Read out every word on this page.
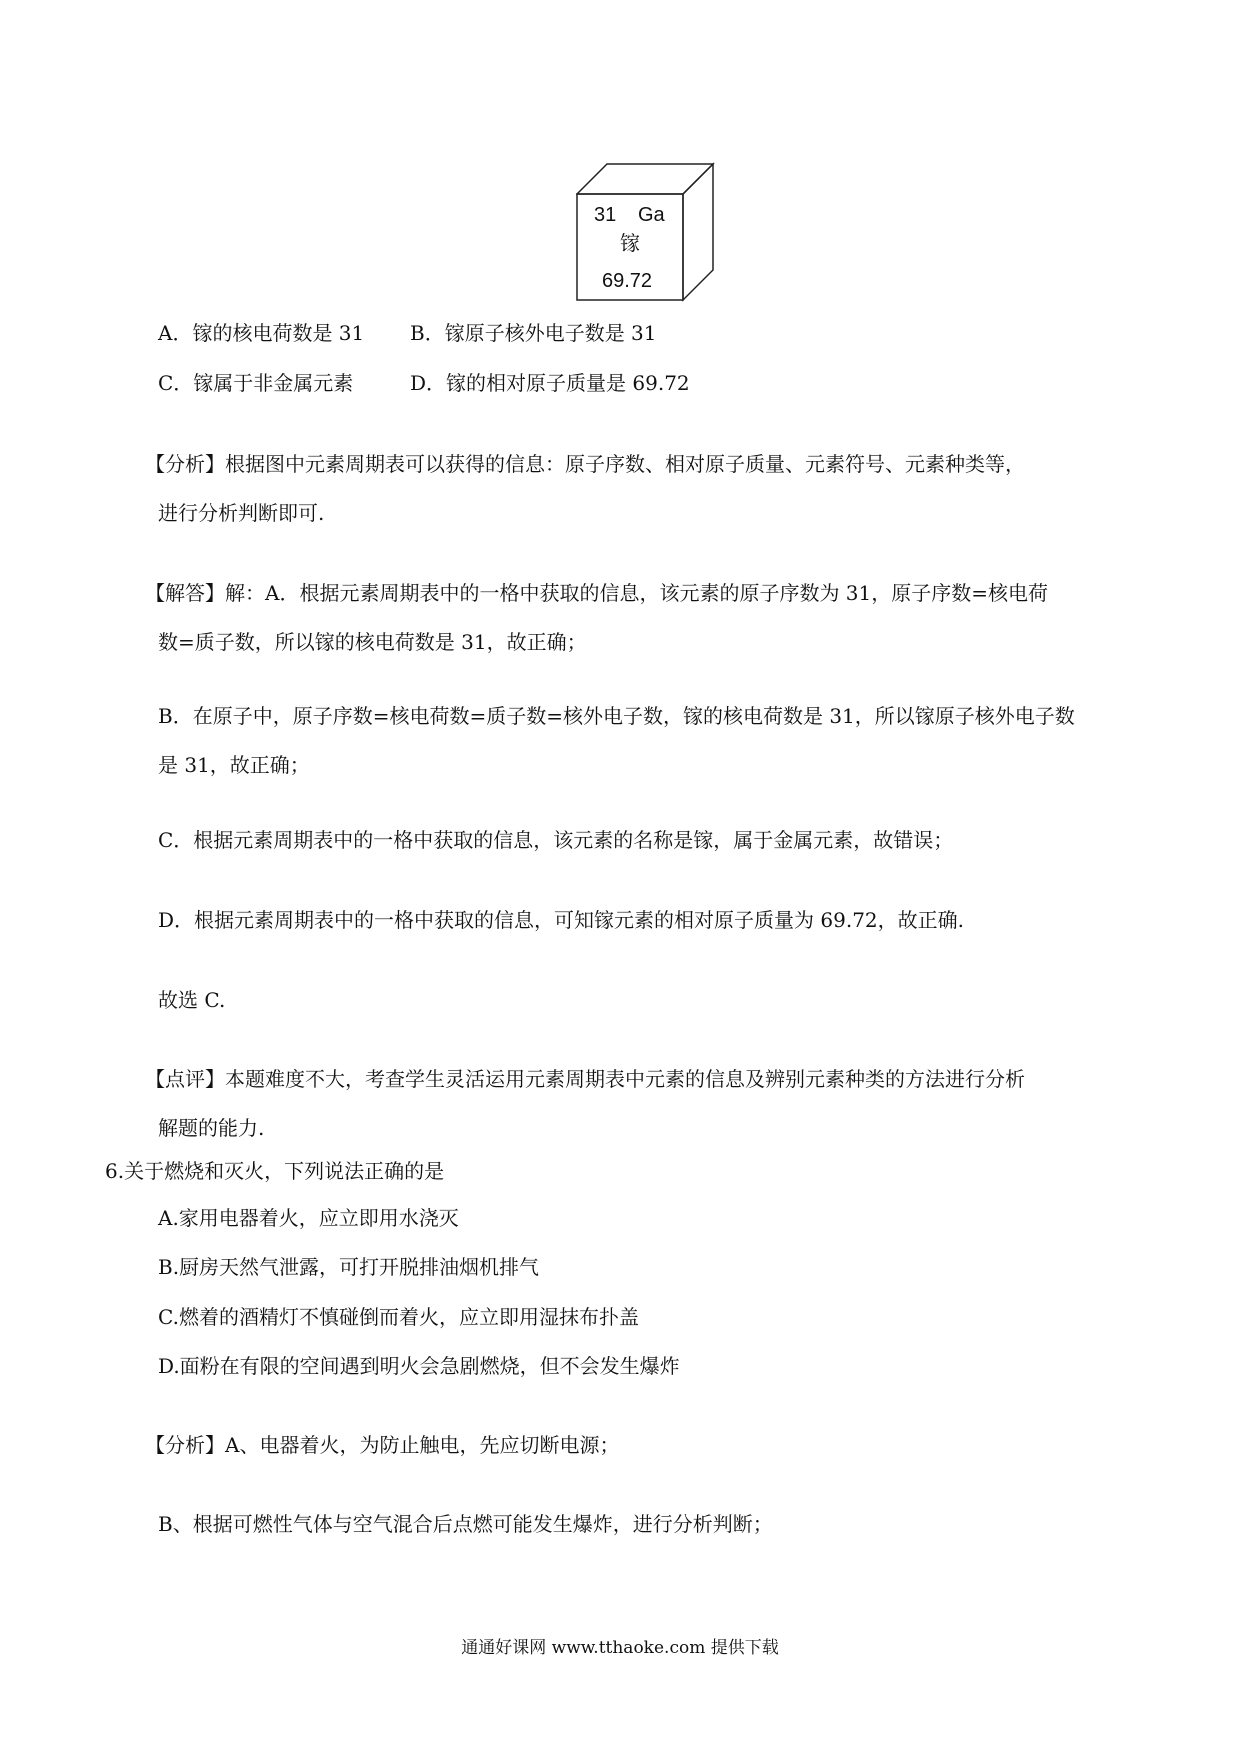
31 Ga
镓
69.72
A．镓的核电荷数是 31 B．镓原子核外电子数是 31
C．镓属于非金属元素	D．镓的相对原子质量是 69.72
【分析】根据图中元素周期表可以获得的信息：原子序数、相对原子质量、元素符号、元素种类等，
进行分析判断即可.
【解答】解：A．根据元素周期表中的一格中获取的信息，该元素的原子序数为 31，原子序数=核电荷
数=质子数，所以镓的核电荷数是 31，故正确；
B．在原子中，原子序数=核电荷数=质子数=核外电子数，镓的核电荷数是 31，所以镓原子核外电子数
是 31，故正确；
C．根据元素周期表中的一格中获取的信息，该元素的名称是镓，属于金属元素，故错误；
D．根据元素周期表中的一格中获取的信息，可知镓元素的相对原子质量为 69.72，故正确.
故选 C.
【点评】本题难度不大，考查学生灵活运用元素周期表中元素的信息及辨别元素种类的方法进行分析
解题的能力.
6.关于燃烧和灭火，下列说法正确的是
A.家用电器着火，应立即用水浇灭
B.厨房天然气泄露，可打开脱排油烟机排气
C.燃着的酒精灯不慎碰倒而着火，应立即用湿抹布扑盖
D.面粉在有限的空间遇到明火会急剧燃烧，但不会发生爆炸
【分析】A、电器着火，为防止触电，先应切断电源；
B、根据可燃性气体与空气混合后点燃可能发生爆炸，进行分析判断；
通通好课网 www.tthaoke.com 提供下载
